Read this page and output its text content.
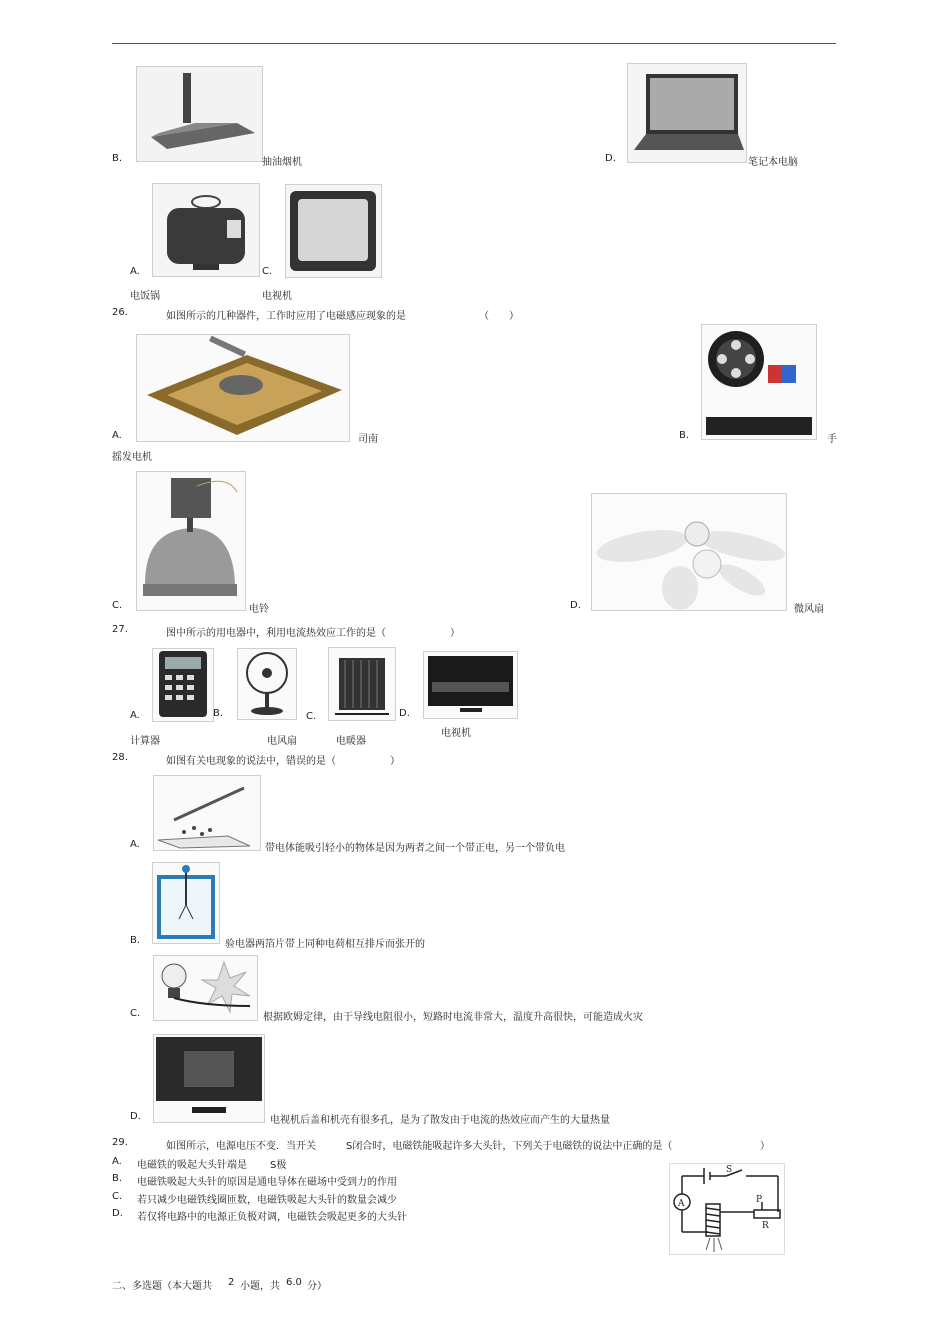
B.	抽油烟机	D.	笔记本电脑
A.	C.
电饭锅	电视机
26.	如图所示的几种器件，工作时应用了电磁感应现象的是	（　　）
A.	司南	B.	手
摇发电机
C.	电铃	D.	微风扇
27.	图中所示的用电器中，利用电流热效应工作的是（	）
A.	B.	C.	D.
电视机
计算器	电风扇	电暖器
28.	如图有关电现象的说法中，错误的是（	）
A.	带电体能吸引轻小的物体是因为两者之间一个带正电，另一个带负电
B.	验电器两箔片带上同种电荷相互排斥而张开的
C.	根据欧姆定律，由于导线电阻很小，短路时电流非常大，温度升高很快，可能造成火灾
D.	电视机后盖和机壳有很多孔，是为了散发由于电流的热效应而产生的大量热量
29.	如图所示，电源电压不变．当开关	S闭合时，电磁铁能吸起许多大头针，下列关于电磁铁的说法中正确的是（	）
A. 电磁铁的吸起大头针端是 S极
B. 电磁铁吸起大头针的原因是通电导体在磁场中受到力的作用
C. 若只减少电磁铁线圈匝数，电磁铁吸起大头针的数量会减少
D. 若仅将电路中的电源正负极对调，电磁铁会吸起更多的大头针
S
A	P
R
二、多选题（本大题共 2 小题，共 6.0 分）
